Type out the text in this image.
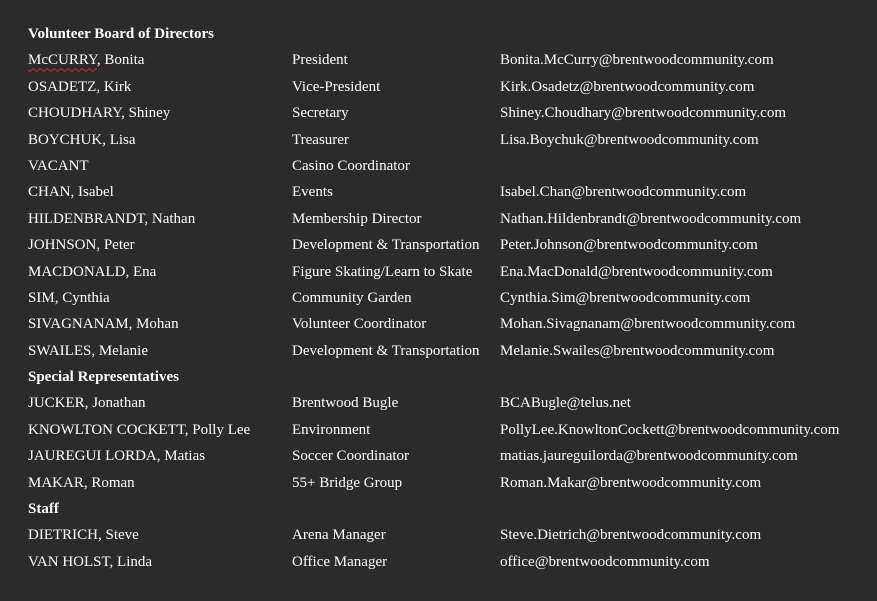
Volunteer Board of Directors
McCURRY, Bonita	President	Bonita.McCurry@brentwoodcommunity.com
OSADETZ, Kirk	Vice-President	Kirk.Osadetz@brentwoodcommunity.com
CHOUDHARY, Shiney	Secretary	Shiney.Choudhary@brentwoodcommunity.com
BOYCHUK, Lisa	Treasurer	Lisa.Boychuk@brentwoodcommunity.com
VACANT	Casino Coordinator
CHAN, Isabel	Events	Isabel.Chan@brentwoodcommunity.com
HILDENBRANDT, Nathan	Membership Director	Nathan.Hildenbrandt@brentwoodcommunity.com
JOHNSON, Peter	Development & Transportation	Peter.Johnson@brentwoodcommunity.com
MACDONALD, Ena	Figure Skating/Learn to Skate	Ena.MacDonald@brentwoodcommunity.com
SIM, Cynthia	Community Garden	Cynthia.Sim@brentwoodcommunity.com
SIVAGNANAM, Mohan	Volunteer Coordinator	Mohan.Sivagnanam@brentwoodcommunity.com
SWAILES, Melanie	Development & Transportation	Melanie.Swailes@brentwoodcommunity.com
Special Representatives
JUCKER, Jonathan	Brentwood Bugle	BCABugle@telus.net
KNOWLTON COCKETT, Polly Lee	Environment	PollyLee.KnowltonCockett@brentwoodcommunity.com
JAUREGUI LORDA, Matias	Soccer Coordinator	matias.jaureguilorda@brentwoodcommunity.com
MAKAR, Roman	55+ Bridge Group	Roman.Makar@brentwoodcommunity.com
Staff
DIETRICH, Steve	Arena Manager	Steve.Dietrich@brentwoodcommunity.com
VAN HOLST, Linda	Office Manager	office@brentwoodcommunity.com
